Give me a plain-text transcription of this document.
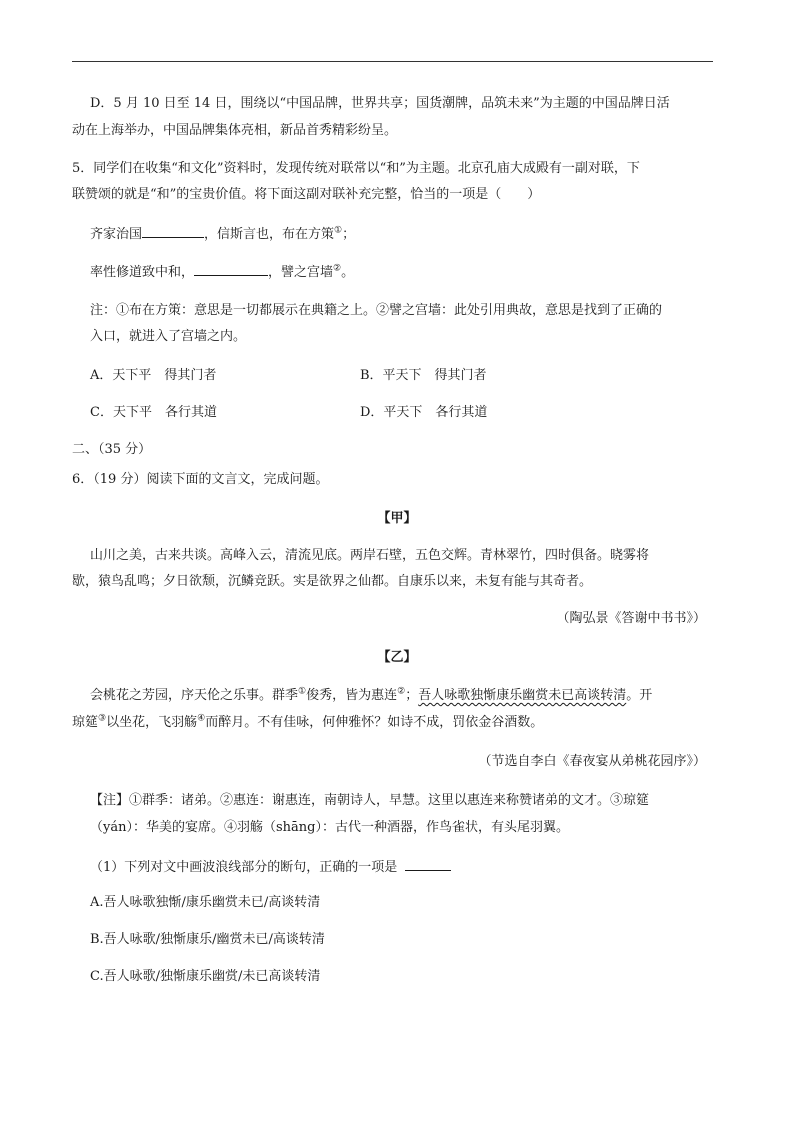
D．5 月 10 日至 14 日，围绕以“中国品牌，世界共享；国货潮牌，品筑未来”为主题的中国品牌日活
动在上海举办，中国品牌集体亮相，新品首秀精彩纷呈。
5．同学们在收集“和文化”资料时，发现传统对联常以“和”为主题。北京孔庙大成殿有一副对联，下
联赞颂的就是“和”的宝贵价值。将下面这副对联补充完整，恰当的一项是（　　）
齐家治国	，信斯言也，布在方策①；
率性修道致中和，	，譬之宫墙②。
注：①布在方策：意思是一切都展示在典籍之上。②譬之宫墙：此处引用典故，意思是找到了正确的
入口，就进入了宫墙之内。
A．天下平　得其门者	B．平天下　得其门者
C．天下平　各行其道	D．平天下　各行其道
二、（35 分）
6．（19 分）阅读下面的文言文，完成问题。
【甲】
山川之美，古来共谈。高峰入云，清流见底。两岸石壁，五色交辉。青林翠竹，四时俱备。晓雾将
歇，猿鸟乱鸣；夕日欲颓，沉鳞竞跃。实是欲界之仙都。自康乐以来，未复有能与其奇者。
（陶弘景《答谢中书书》）
【乙】
会桃花之芳园，序天伦之乐事。群季①俊秀，皆为惠连②；吾人咏歌独惭康乐幽赏未已高谈转清。开
琼筵③以坐花，飞羽觞④而醉月。不有佳咏，何伸雅怀？如诗不成，罚依金谷酒数。
（节选自李白《春夜宴从弟桃花园序》）
【注】①群季：诸弟。②惠连：谢惠连，南朝诗人，早慧。这里以惠连来称赞诸弟的文才。③琼筵
（yán）：华美的宴席。④羽觞（shāng）：古代一种酒器，作鸟雀状，有头尾羽翼。
（1）下列对文中画波浪线部分的断句，正确的一项是
A.吾人咏歌独惭/康乐幽赏未已/高谈转清
B.吾人咏歌/独惭康乐/幽赏未已/高谈转清
C.吾人咏歌/独惭康乐幽赏/未已高谈转清
